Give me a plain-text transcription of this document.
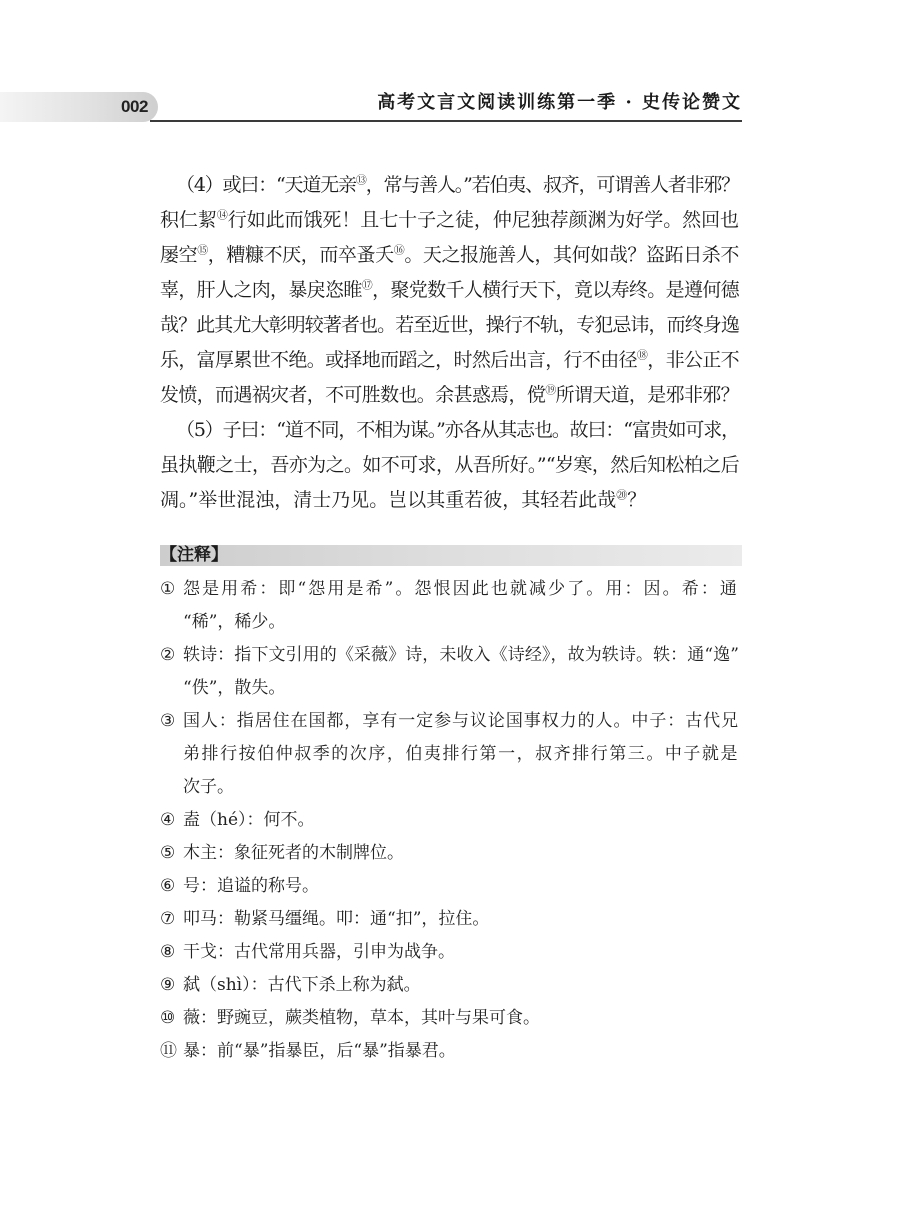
002	高考文言文阅读训练第一季 · 史传论赞文
（4）或曰：“天道无亲⑬，常与善人。”若伯夷、叔齐，可谓善人者非邪？
积仁絜⑭行如此而饿死！且七十子之徒，仲尼独荐颜渊为好学。然回也
屡空⑮，糟糠不厌，而卒蚤夭⑯。天之报施善人，其何如哉？盗跖日杀不
辜，肝人之肉，暴戾恣睢⑰，聚党数千人横行天下，竟以寿终。是遵何德
哉？此其尤大彰明较著者也。若至近世，操行不轨，专犯忌讳，而终身逸
乐，富厚累世不绝。或择地而蹈之，时然后出言，行不由径⑱，非公正不
发愤，而遇祸灾者，不可胜数也。余甚惑焉，傥⑲所谓天道，是邪非邪？
（5）子曰：“道不同，不相为谋。”亦各从其志也。故曰：“富贵如可求，
虽执鞭之士，吾亦为之。如不可求，从吾所好。”“岁寒，然后知松柏之后
凋。”举世混浊，清士乃见。岂以其重若彼，其轻若此哉⑳？
【注释】
① 怨是用希：即“怨用是希”。怨恨因此也就减少了。用：因。希：通
“稀”，稀少。
② 轶诗：指下文引用的《采薇》诗，未收入《诗经》，故为轶诗。轶：通“逸”
“佚”，散失。
③ 国人：指居住在国都，享有一定参与议论国事权力的人。中子：古代兄
弟排行按伯仲叔季的次序，伯夷排行第一，叔齐排行第三。中子就是
次子。
④ 盍（hé）：何不。
⑤ 木主：象征死者的木制牌位。
⑥ 号：追谥的称号。
⑦ 叩马：勒紧马缰绳。叩：通“扣”，拉住。
⑧ 干戈：古代常用兵器，引申为战争。
⑨ 弑（shì）：古代下杀上称为弑。
⑩ 薇：野豌豆，蕨类植物，草本，其叶与果可食。
⑪ 暴：前“暴”指暴臣，后“暴”指暴君。
